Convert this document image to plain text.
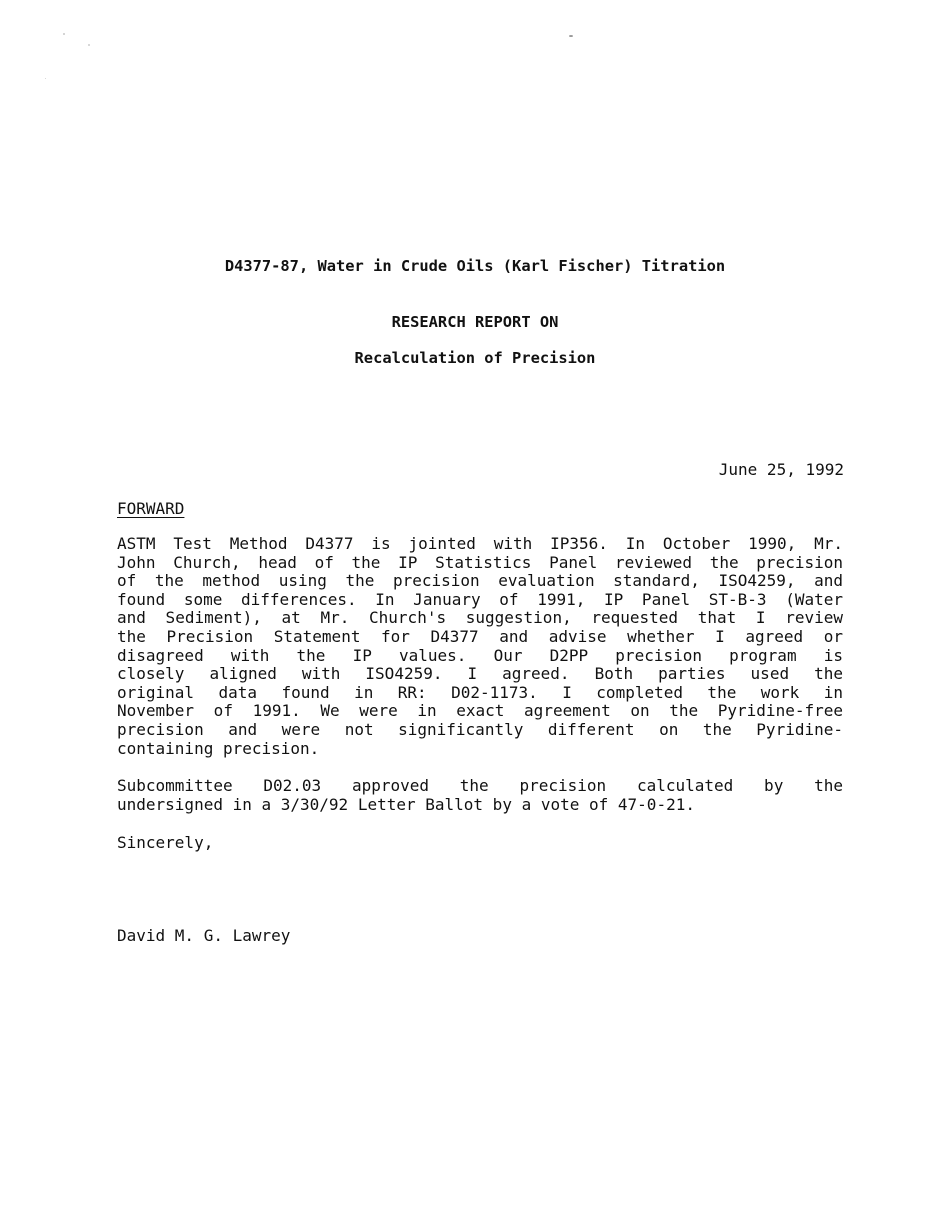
D4377-87, Water in Crude Oils (Karl Fischer) Titration
RESEARCH REPORT ON
Recalculation of Precision
June 25, 1992
FORWARD
ASTM Test Method D4377 is jointed with IP356. In October 1990, Mr.
John Church, head of the IP Statistics Panel reviewed the precision
of the method using the precision evaluation standard, ISO4259, and
found some differences. In January of 1991, IP Panel ST-B-3 (Water
and Sediment), at Mr. Church's suggestion, requested that I review
the Precision Statement for D4377 and advise whether I agreed or
disagreed with the IP values. Our D2PP precision program is
closely aligned with ISO4259. I agreed. Both parties used the
original data found in RR: D02-1173. I completed the work in
November of 1991. We were in exact agreement on the Pyridine-free
precision and were not significantly different on the Pyridine-
containing precision.
Subcommittee D02.03 approved the precision calculated by the
undersigned in a 3/30/92 Letter Ballot by a vote of 47-0-21.
Sincerely,
David M. G. Lawrey
